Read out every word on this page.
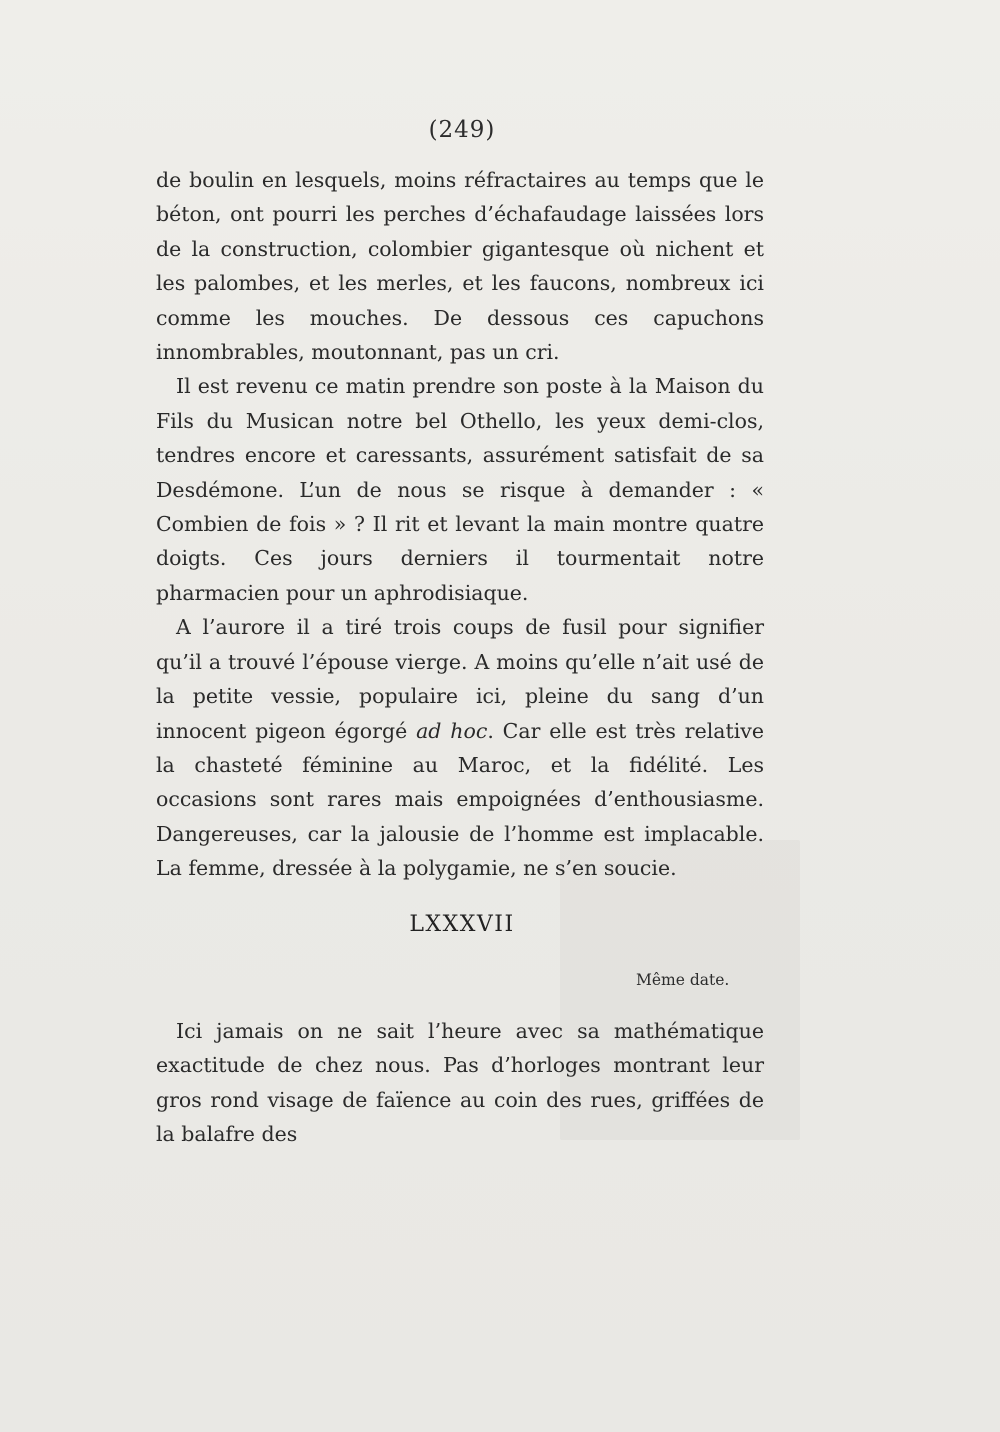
(249)

de boulin en lesquels, moins réfractaires au temps que le béton, ont pourri les perches d’échafaudage laissées lors de la construction, colombier gigantesque où nichent et les palombes, et les merles, et les faucons, nombreux ici comme les mouches. De dessous ces capuchons innombrables, moutonnant, pas un cri.

Il est revenu ce matin prendre son poste à la Maison du Fils du Musican notre bel Othello, les yeux demi-clos, tendres encore et caressants, assurément satisfait de sa Desdémone. L’un de nous se risque à demander : « Combien de fois » ? Il rit et levant la main montre quatre doigts. Ces jours derniers il tourmentait notre pharmacien pour un aphrodisiaque.

A l’aurore il a tiré trois coups de fusil pour signifier qu’il a trouvé l’épouse vierge. A moins qu’elle n’ait usé de la petite vessie, populaire ici, pleine du sang d’un innocent pigeon égorgé ad hoc. Car elle est très relative la chasteté féminine au Maroc, et la fidélité. Les occasions sont rares mais empoignées d’enthousiasme. Dangereuses, car la jalousie de l’homme est implacable. La femme, dressée à la polygamie, ne s’en soucie.

LXXXVII
Même date.

Ici jamais on ne sait l’heure avec sa mathématique exactitude de chez nous. Pas d’horloges montrant leur gros rond visage de faïence au coin des rues, griffées de la balafre des
